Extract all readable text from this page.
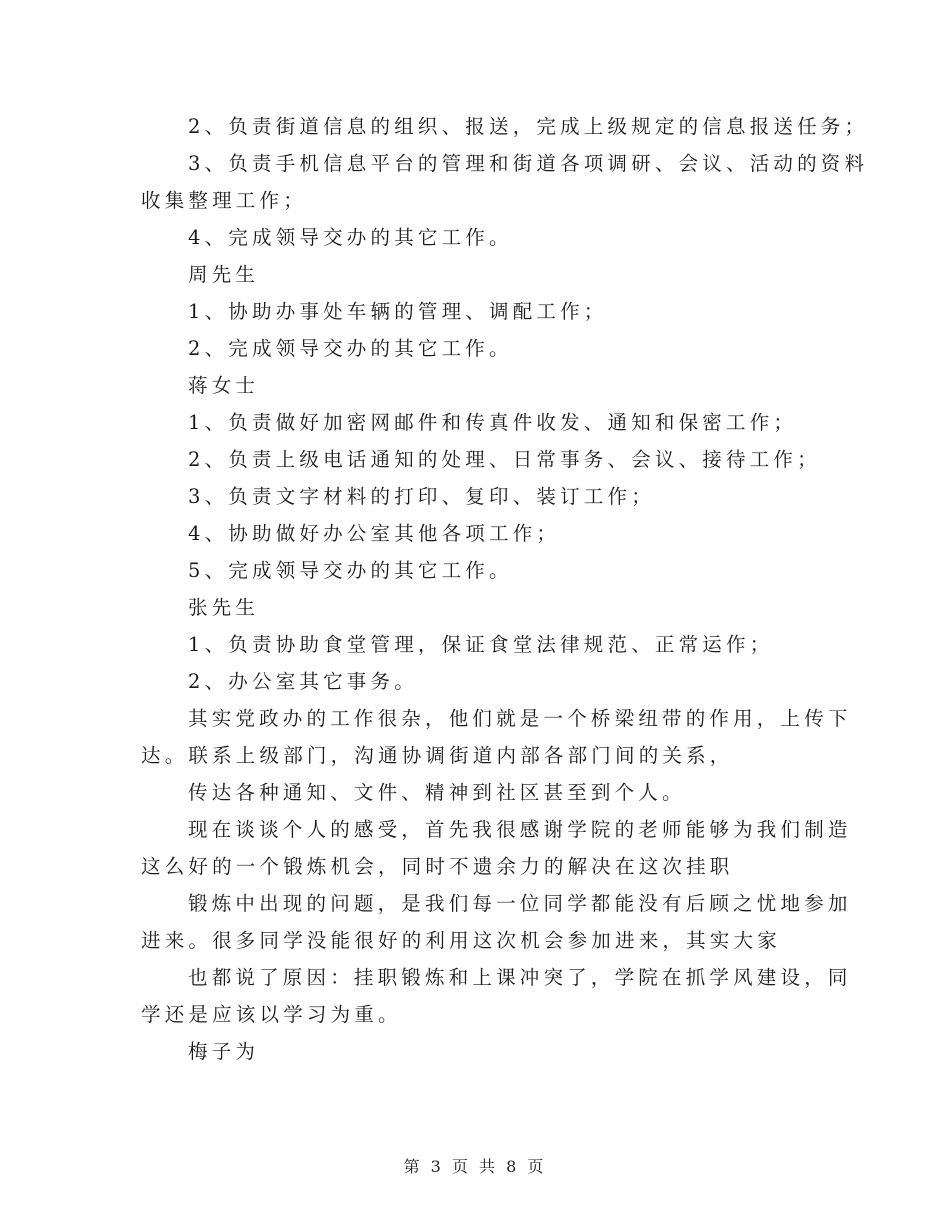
2、负责街道信息的组织、报送，完成上级规定的信息报送任务；
3、负责手机信息平台的管理和街道各项调研、会议、活动的资料
收集整理工作；
4、完成领导交办的其它工作。
周先生
1、协助办事处车辆的管理、调配工作；
2、完成领导交办的其它工作。
蒋女士
1、负责做好加密网邮件和传真件收发、通知和保密工作；
2、负责上级电话通知的处理、日常事务、会议、接待工作；
3、负责文字材料的打印、复印、装订工作；
4、协助做好办公室其他各项工作；
5、完成领导交办的其它工作。
张先生
1、负责协助食堂管理，保证食堂法律规范、正常运作；
2、办公室其它事务。
其实党政办的工作很杂，他们就是一个桥梁纽带的作用，上传下
达。联系上级部门，沟通协调街道内部各部门间的关系，
传达各种通知、文件、精神到社区甚至到个人。
现在谈谈个人的感受，首先我很感谢学院的老师能够为我们制造
这么好的一个锻炼机会，同时不遗余力的解决在这次挂职
锻炼中出现的问题，是我们每一位同学都能没有后顾之忧地参加
进来。很多同学没能很好的利用这次机会参加进来，其实大家
也都说了原因：挂职锻炼和上课冲突了，学院在抓学风建设，同
学还是应该以学习为重。
梅子为
第 3 页 共 8 页
